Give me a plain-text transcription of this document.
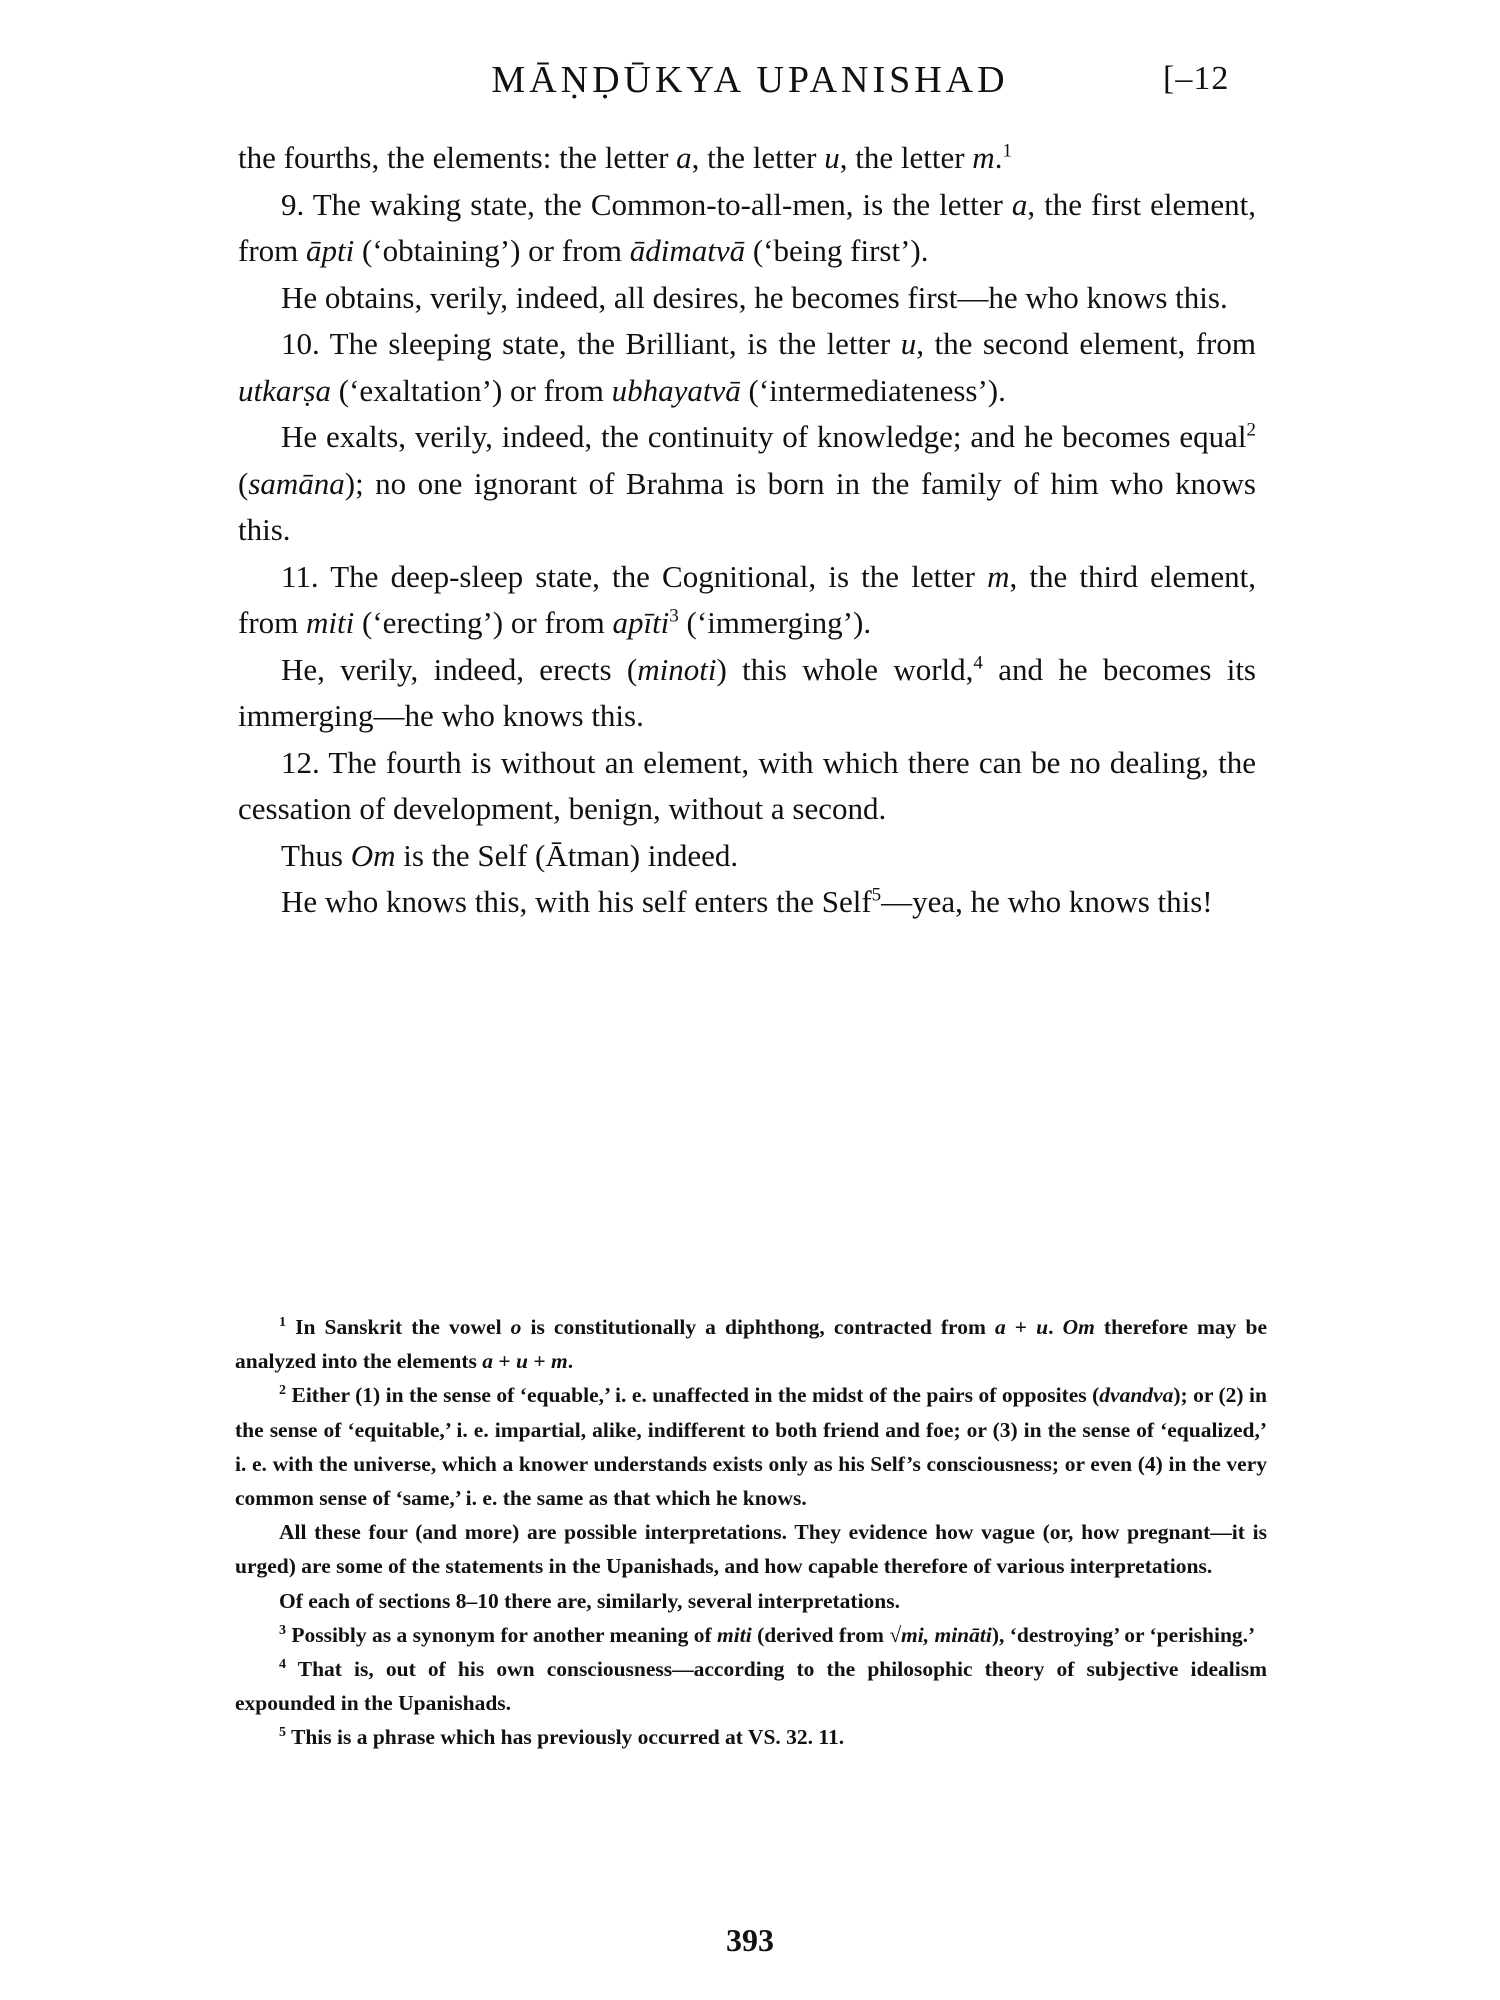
MĀṆḌŪKYA UPANISHAD	[–12

the fourths, the elements: the letter a, the letter u, the letter m.$^1$

9. The waking state, the Common-to-all-men, is the letter a, the first element, from āpti (‘obtaining’) or from ādimatvā (‘being first’).

He obtains, verily, indeed, all desires, he becomes first—he who knows this.

10. The sleeping state, the Brilliant, is the letter u, the second element, from utkarṣa (‘exaltation’) or from ubhayatvā (‘intermediateness’).

He exalts, verily, indeed, the continuity of knowledge; and he becomes equal$^2$ (samāna); no one ignorant of Brahma is born in the family of him who knows this.

11. The deep-sleep state, the Cognitional, is the letter m, the third element, from miti (‘erecting’) or from apīti$^3$ (‘immerging’).

He, verily, indeed, erects (minoti) this whole world,$^4$ and he becomes its immerging—he who knows this.

12. The fourth is without an element, with which there can be no dealing, the cessation of development, benign, without a second.

Thus Om is the Self (Ātman) indeed.

He who knows this, with his self enters the Self$^5$—yea, he who knows this!

$^1$ In Sanskrit the vowel o is constitutionally a diphthong, contracted from a + u. Om therefore may be analyzed into the elements a + u + m.

$^2$ Either (1) in the sense of ‘equable,’ i. e. unaffected in the midst of the pairs of opposites (dvandva); or (2) in the sense of ‘equitable,’ i. e. impartial, alike, indifferent to both friend and foe; or (3) in the sense of ‘equalized,’ i. e. with the universe, which a knower understands exists only as his Self’s consciousness; or even (4) in the very common sense of ‘same,’ i. e. the same as that which he knows.

All these four (and more) are possible interpretations. They evidence how vague (or, how pregnant—it is urged) are some of the statements in the Upanishads, and how capable therefore of various interpretations.

Of each of sections 8–10 there are, similarly, several interpretations.

$^3$ Possibly as a synonym for another meaning of miti (derived from √mi, mināti), ‘destroying’ or ‘perishing.’

$^4$ That is, out of his own consciousness—according to the philosophic theory of subjective idealism expounded in the Upanishads.

$^5$ This is a phrase which has previously occurred at VS. 32. 11.

393
